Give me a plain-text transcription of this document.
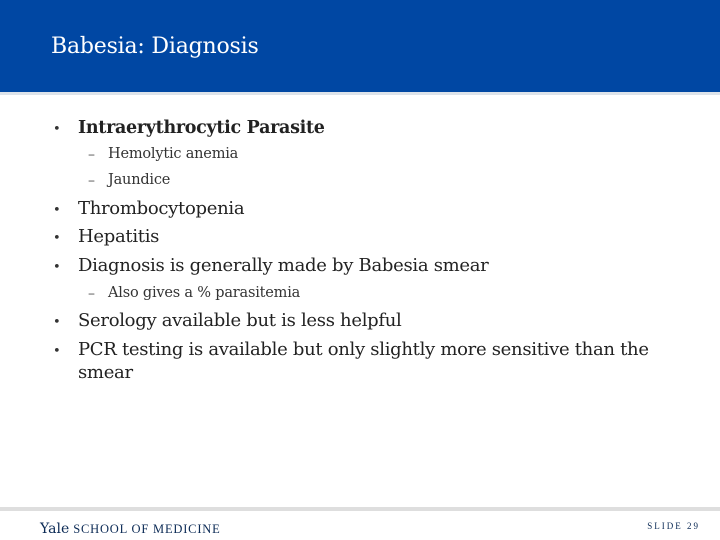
Babesia: Diagnosis
• Intraerythrocytic Parasite
– Hemolytic anemia
– Jaundice
• Thrombocytopenia
• Hepatitis
• Diagnosis is generally made by Babesia smear
– Also gives a % parasitemia
• Serology available but is less helpful
• PCR testing is available but only slightly more sensitive than the
smear
Yale SCHOOL OF MEDICINE	SLIDE 29
